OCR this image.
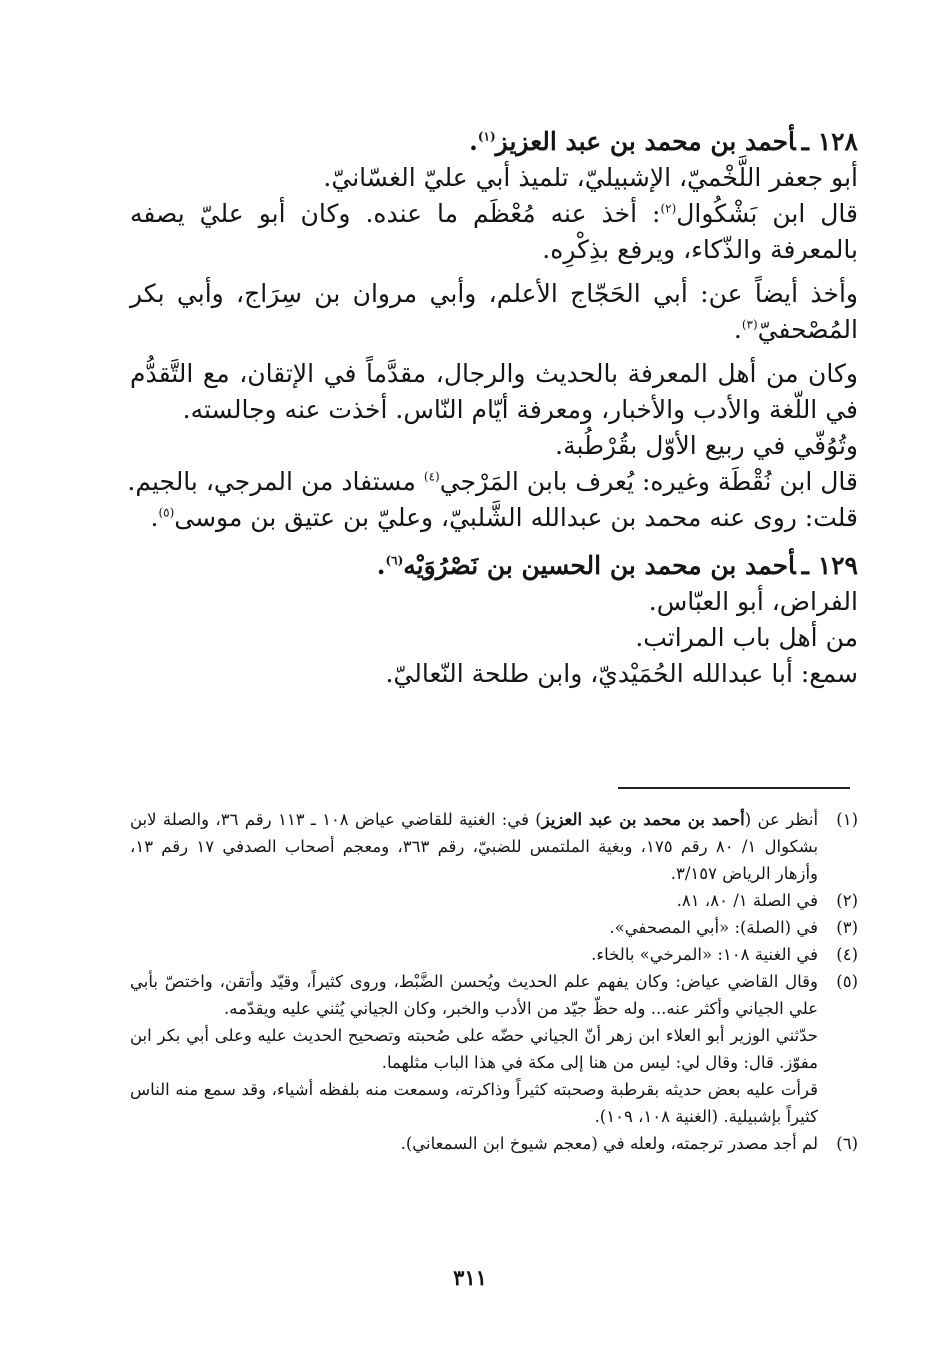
١٢٨ ـأحمد بن محمد بن عبد العزيز$^{(١)}$.

أبو جعفر اللَّخْميّ، الإشبيليّ، تلميذ أبي عليّ الغسّانيّ.

قال ابن بَشْكُوال$^{(٢)}$: أخذ عنه مُعْظَم ما عنده. وكان أبو عليّ يصفه بالمعرفة والذّكاء، ويرفع بذِكْرِه.

وأخذ أيضاً عن: أبي الحَجّاج الأعلم، وأبي مروان بن سِرَاج، وأبي بكر المُصْحفيّ$^{(٣)}$.

وكان من أهل المعرفة بالحديث والرجال، مقدَّماً في الإتقان، مع التَّقدُّم في اللّغة والأدب والأخبار، ومعرفة أيّام النّاس. أخذت عنه وجالسته.

وتُوُفّي في ربيع الأوّل بقُرْطُبة.

قال ابن نُقْطَة وغيره: يُعرف بابن المَرْجي$^{(٤)}$ مستفاد من المرجي، بالجيم.

قلت: روى عنه محمد بن عبدالله الشَّلبيّ، وعليّ بن عتيق بن موسى$^{(٥)}$.

١٢٩ ـأحمد بن محمد بن الحسين بن نَصْرُوَيْه$^{(٦)}$.

الفراض، أبو العبّاس.

من أهل باب المراتب.

سمع: أبا عبدالله الحُمَيْديّ، وابن طلحة النّعاليّ.

(١)

أنظر عن (أحمد بن محمد بن عبد العزيز) في: الغنية للقاضي عياض ١٠٨ ـ ١١٣ رقم ٣٦، والصلة لابن بشكوال ١/ ٨٠ رقم ١٧٥، وبغية الملتمس للضبيّ، رقم ٣٦٣، ومعجم أصحاب الصدفي ١٧ رقم ١٣، وأزهار الرياض ٣/١٥٧.

(٢)

في الصلة ١/ ٨٠، ٨١.

(٣)

في (الصلة): «أبي المصحفي».

(٤)

في الغنية ١٠٨: «المرخي» بالخاء.

(٥)

وقال القاضي عياض: وكان يفهم علم الحديث ويُحسن الضَّبْط، وروى كثيراً، وقيّد وأتقن، واختصّ بأبي علي الجياني وأكثر عنه... وله حظّ جيّد من الأدب والخبر، وكان الجياني يُثني عليه ويقدّمه.

حدّثني الوزير أبو العلاء ابن زهر أنّ الجياني حضّه على صُحبته وتصحيح الحديث عليه وعلى أبي بكر ابن مفوّز. قال: وقال لي: ليس من هنا إلى مكة في هذا الباب مثلهما.

قرأت عليه بعض حديثه بقرطبة وصحبته كثيراً وذاكرته، وسمعت منه بلفظه أشياء، وقد سمع منه الناس كثيراً بإشبيلية. (الغنية ١٠٨، ١٠٩).

(٦)

لم أجد مصدر ترجمته، ولعله في (معجم شيوخ ابن السمعاني).

٣١١
